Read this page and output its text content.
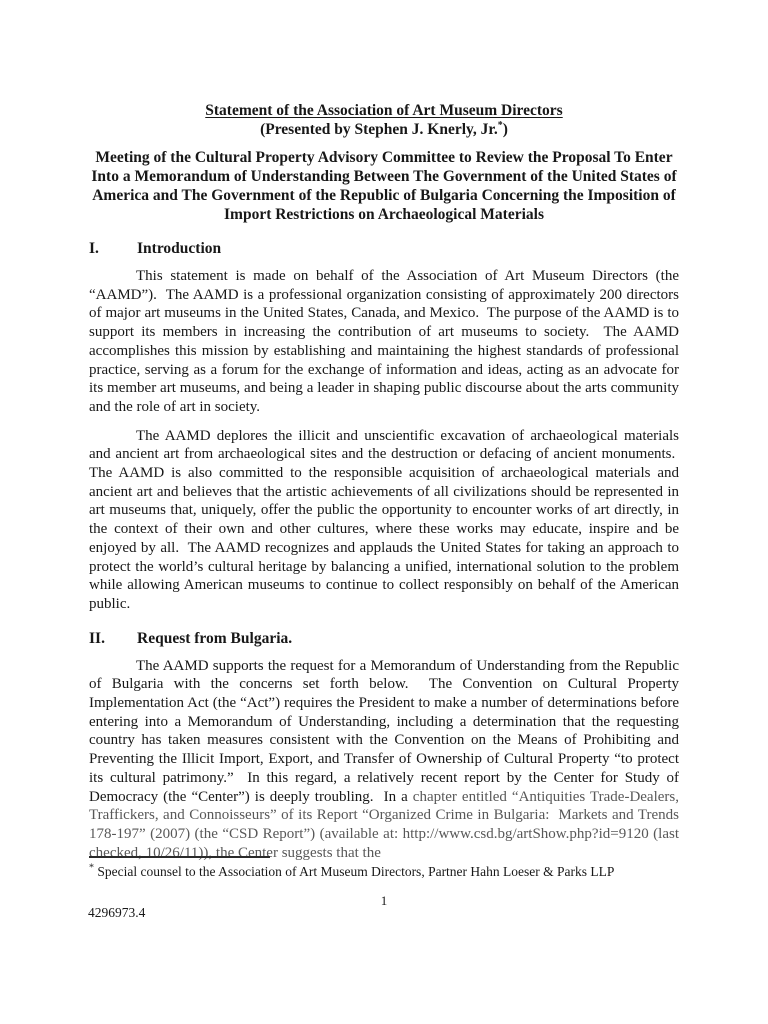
Statement of the Association of Art Museum Directors
(Presented by Stephen J. Knerly, Jr.*)
Meeting of the Cultural Property Advisory Committee to Review the Proposal To Enter Into a Memorandum of Understanding Between The Government of the United States of America and The Government of the Republic of Bulgaria Concerning the Imposition of Import Restrictions on Archaeological Materials
I. Introduction

This statement is made on behalf of the Association of Art Museum Directors (the “AAMD”).  The AAMD is a professional organization consisting of approximately 200 directors of major art museums in the United States, Canada, and Mexico.  The purpose of the AAMD is to support its members in increasing the contribution of art museums to society.  The AAMD accomplishes this mission by establishing and maintaining the highest standards of professional practice, serving as a forum for the exchange of information and ideas, acting as an advocate for its member art museums, and being a leader in shaping public discourse about the arts community and the role of art in society.

The AAMD deplores the illicit and unscientific excavation of archaeological materials and ancient art from archaeological sites and the destruction or defacing of ancient monuments.  The AAMD is also committed to the responsible acquisition of archaeological materials and ancient art and believes that the artistic achievements of all civilizations should be represented in art museums that, uniquely, offer the public the opportunity to encounter works of art directly, in the context of their own and other cultures, where these works may educate, inspire and be enjoyed by all.  The AAMD recognizes and applauds the United States for taking an approach to protect the world’s cultural heritage by balancing a unified, international solution to the problem while allowing American museums to continue to collect responsibly on behalf of the American public.

II. Request from Bulgaria.

The AAMD supports the request for a Memorandum of Understanding from the Republic of Bulgaria with the concerns set forth below.  The Convention on Cultural Property Implementation Act (the “Act”) requires the President to make a number of determinations before entering into a Memorandum of Understanding, including a determination that the requesting country has taken measures consistent with the Convention on the Means of Prohibiting and Preventing the Illicit Import, Export, and Transfer of Ownership of Cultural Property “to protect its cultural patrimony.”  In this regard, a relatively recent report by the Center for Study of Democracy (the “Center”) is deeply troubling.  In a chapter entitled “Antiquities Trade-Dealers, Traffickers, and Connoisseurs” of its Report “Organized Crime in Bulgaria:  Markets and Trends 178-197” (2007) (the “CSD Report”) (available at: http://www.csd.bg/artShow.php?id=9120 (last checked, 10/26/11)), the Center suggests that the

* Special counsel to the Association of Art Museum Directors, Partner Hahn Loeser & Parks LLP
1
4296973.4
